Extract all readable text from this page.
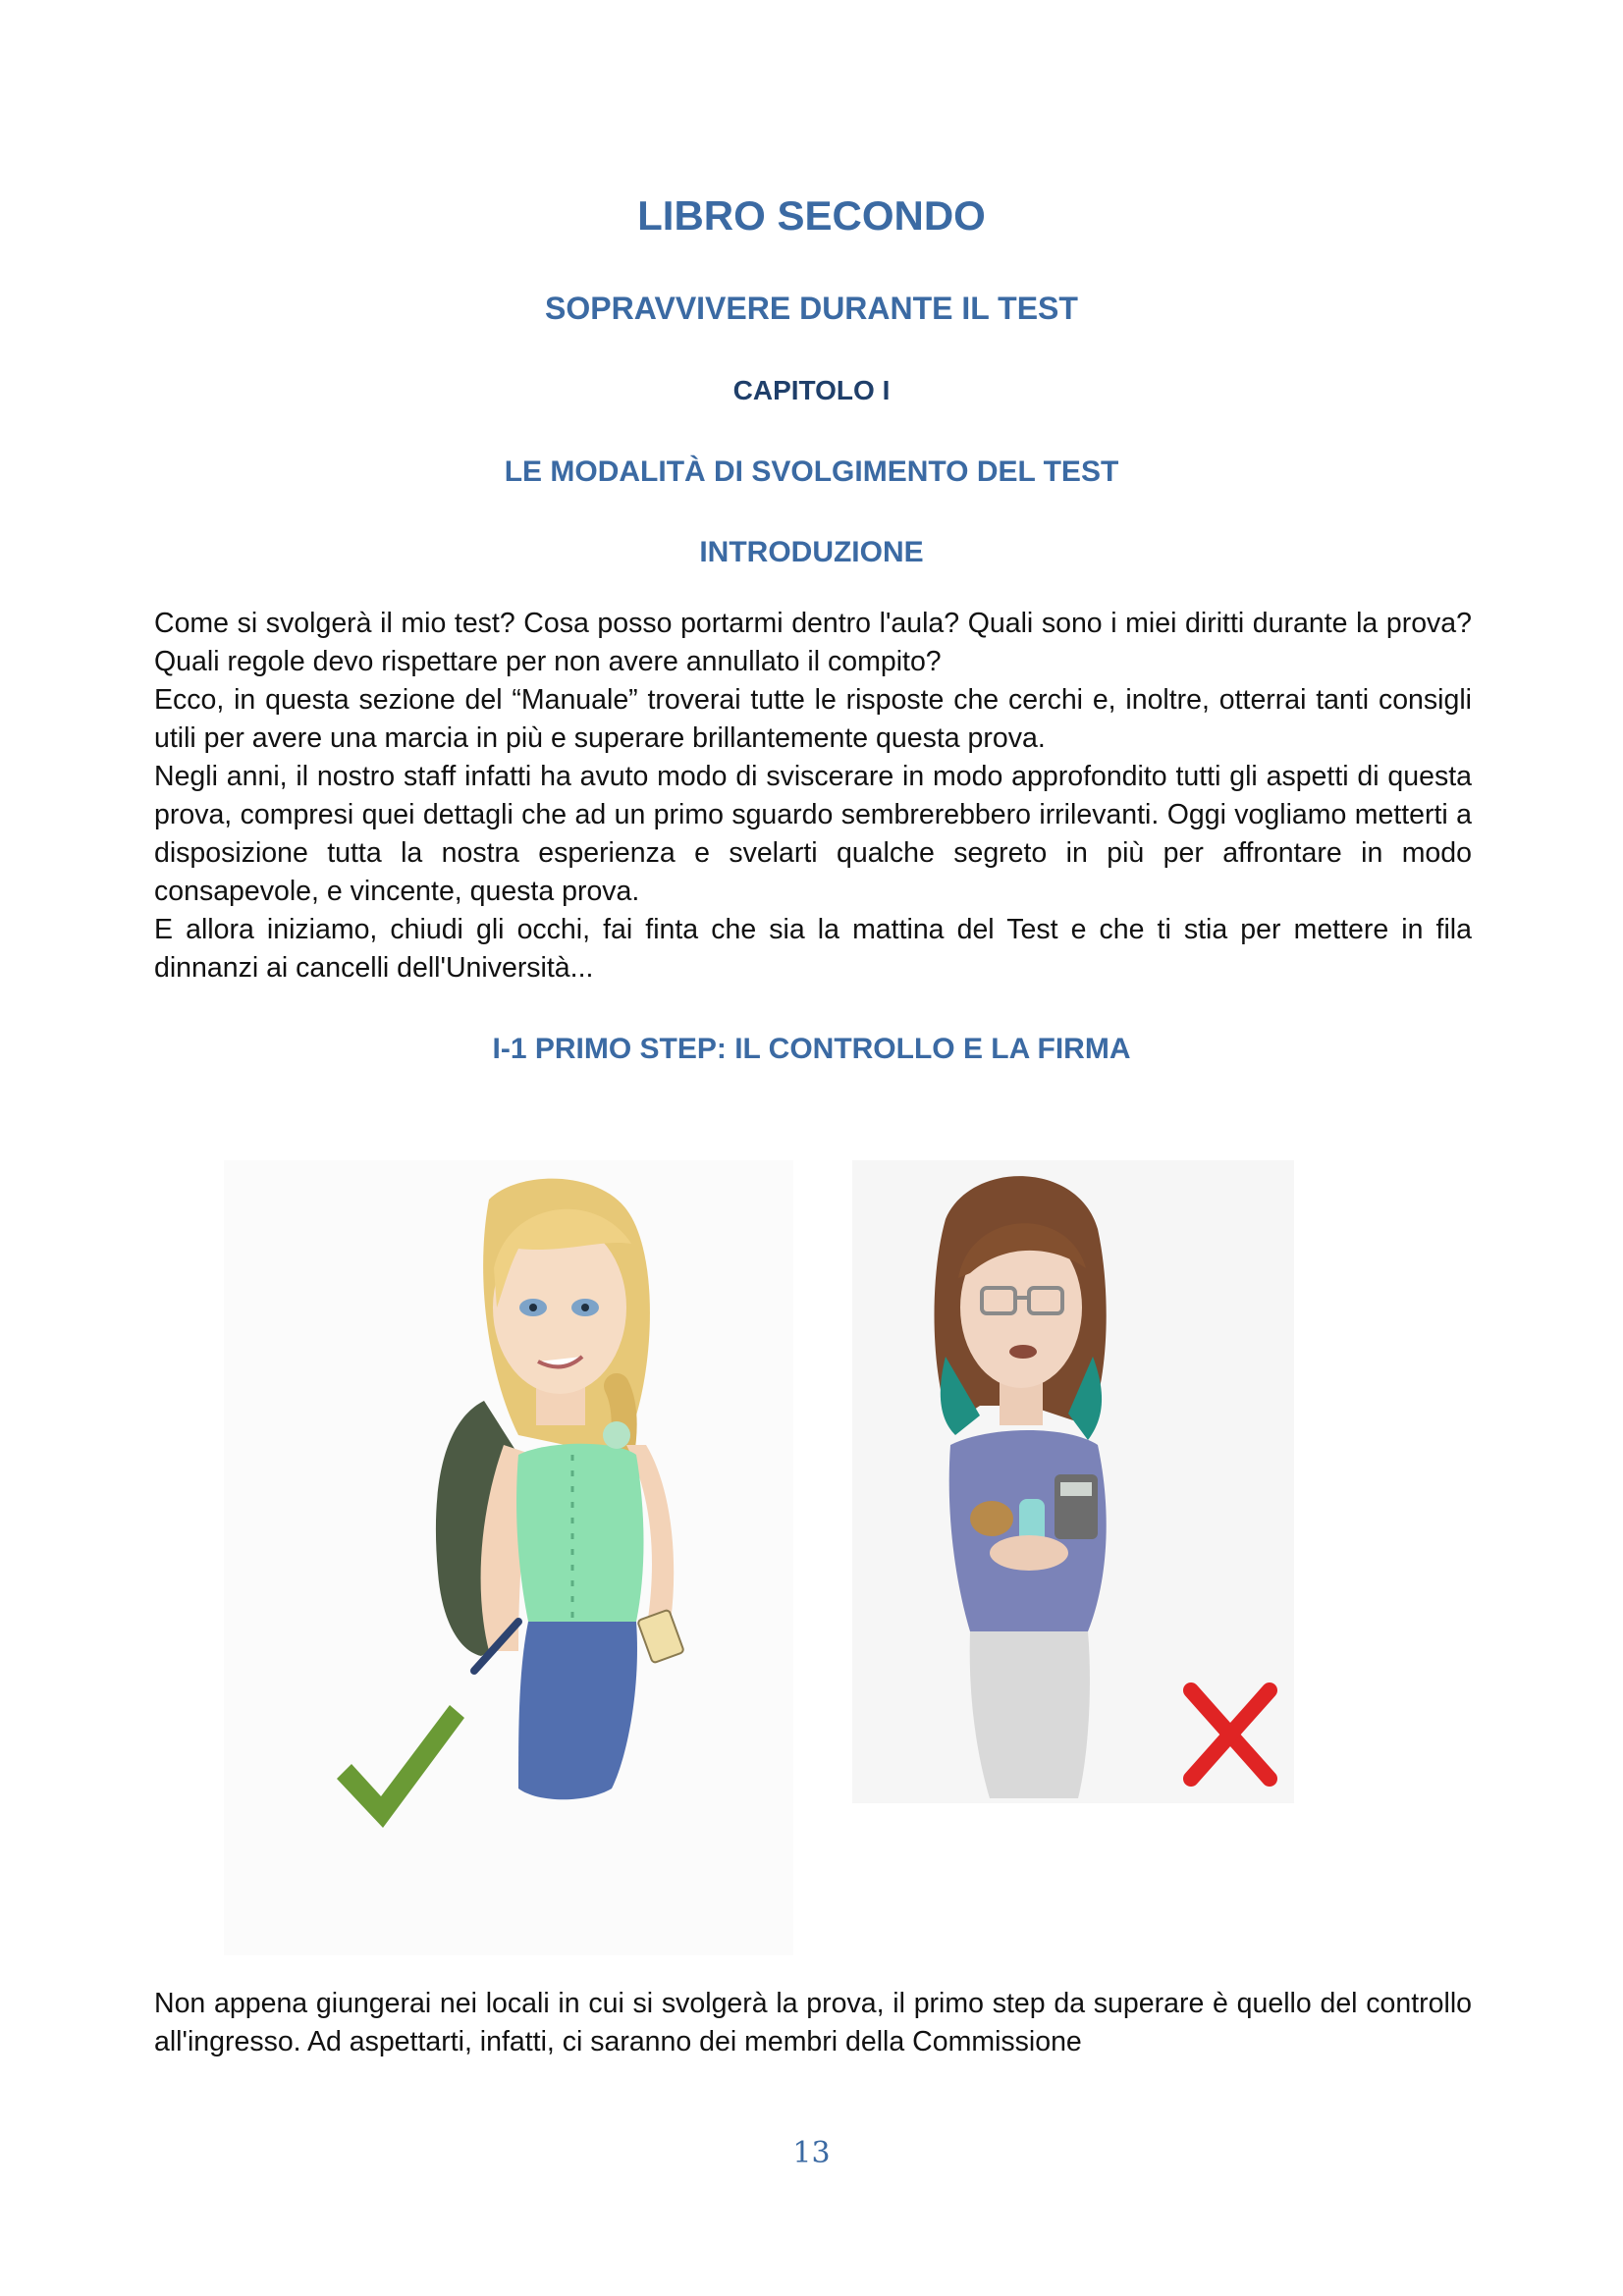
LIBRO SECONDO
SOPRAVVIVERE DURANTE IL TEST
CAPITOLO I
LE MODALITÀ DI SVOLGIMENTO DEL TEST
INTRODUZIONE

Come si svolgerà il mio test? Cosa posso portarmi dentro l'aula? Quali sono i miei diritti durante la prova? Quali regole devo rispettare per non avere annullato il compito?

Ecco, in questa sezione del “Manuale” troverai tutte le risposte che cerchi e, inoltre, otterrai tanti consigli utili per avere una marcia in più e superare brillantemente questa prova.

Negli anni, il nostro staff infatti ha avuto modo di sviscerare in modo approfondito tutti gli aspetti di questa prova, compresi quei dettagli che ad un primo sguardo sembrerebbero irrilevanti. Oggi vogliamo metterti a disposizione tutta la nostra esperienza e svelarti qualche segreto in più per affrontare in modo consapevole, e vincente, questa prova.

E allora iniziamo, chiudi gli occhi, fai finta che sia la mattina del Test e che ti stia per mettere in fila dinnanzi ai cancelli dell'Università...

I-1 PRIMO STEP: IL CONTROLLO E LA FIRMA

Non appena giungerai nei locali in cui si svolgerà la prova, il primo step da superare è quello del controllo all'ingresso. Ad aspettarti, infatti, ci saranno dei membri della Commissione

13
